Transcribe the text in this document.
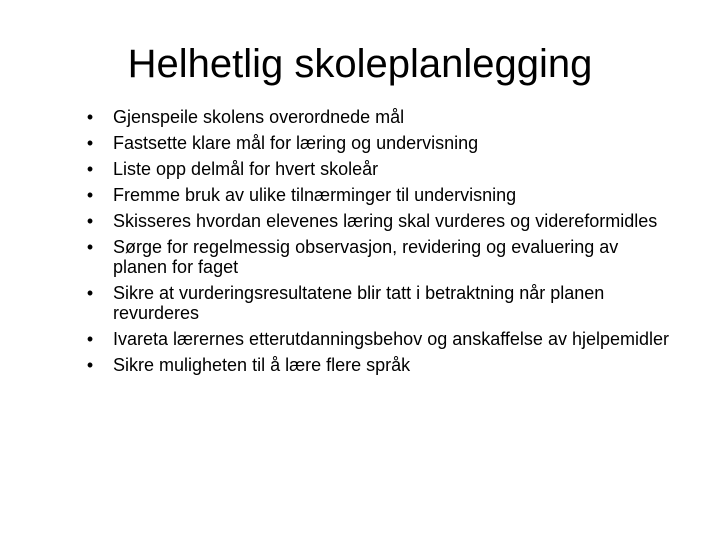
Helhetlig skoleplanlegging
• Gjenspeile skolens overordnede mål
• Fastsette klare mål for læring og undervisning
• Liste opp delmål for hvert skoleår
• Fremme bruk av ulike tilnærminger til undervisning
• Skisseres hvordan elevenes læring skal vurderes og videreformidles
• Sørge for regelmessig observasjon, revidering og evaluering av planen for faget
• Sikre at vurderingsresultatene blir tatt i betraktning når planen revurderes
• Ivareta lærernes etterutdanningsbehov og anskaffelse av hjelpemidler
• Sikre muligheten til å lære flere språk
